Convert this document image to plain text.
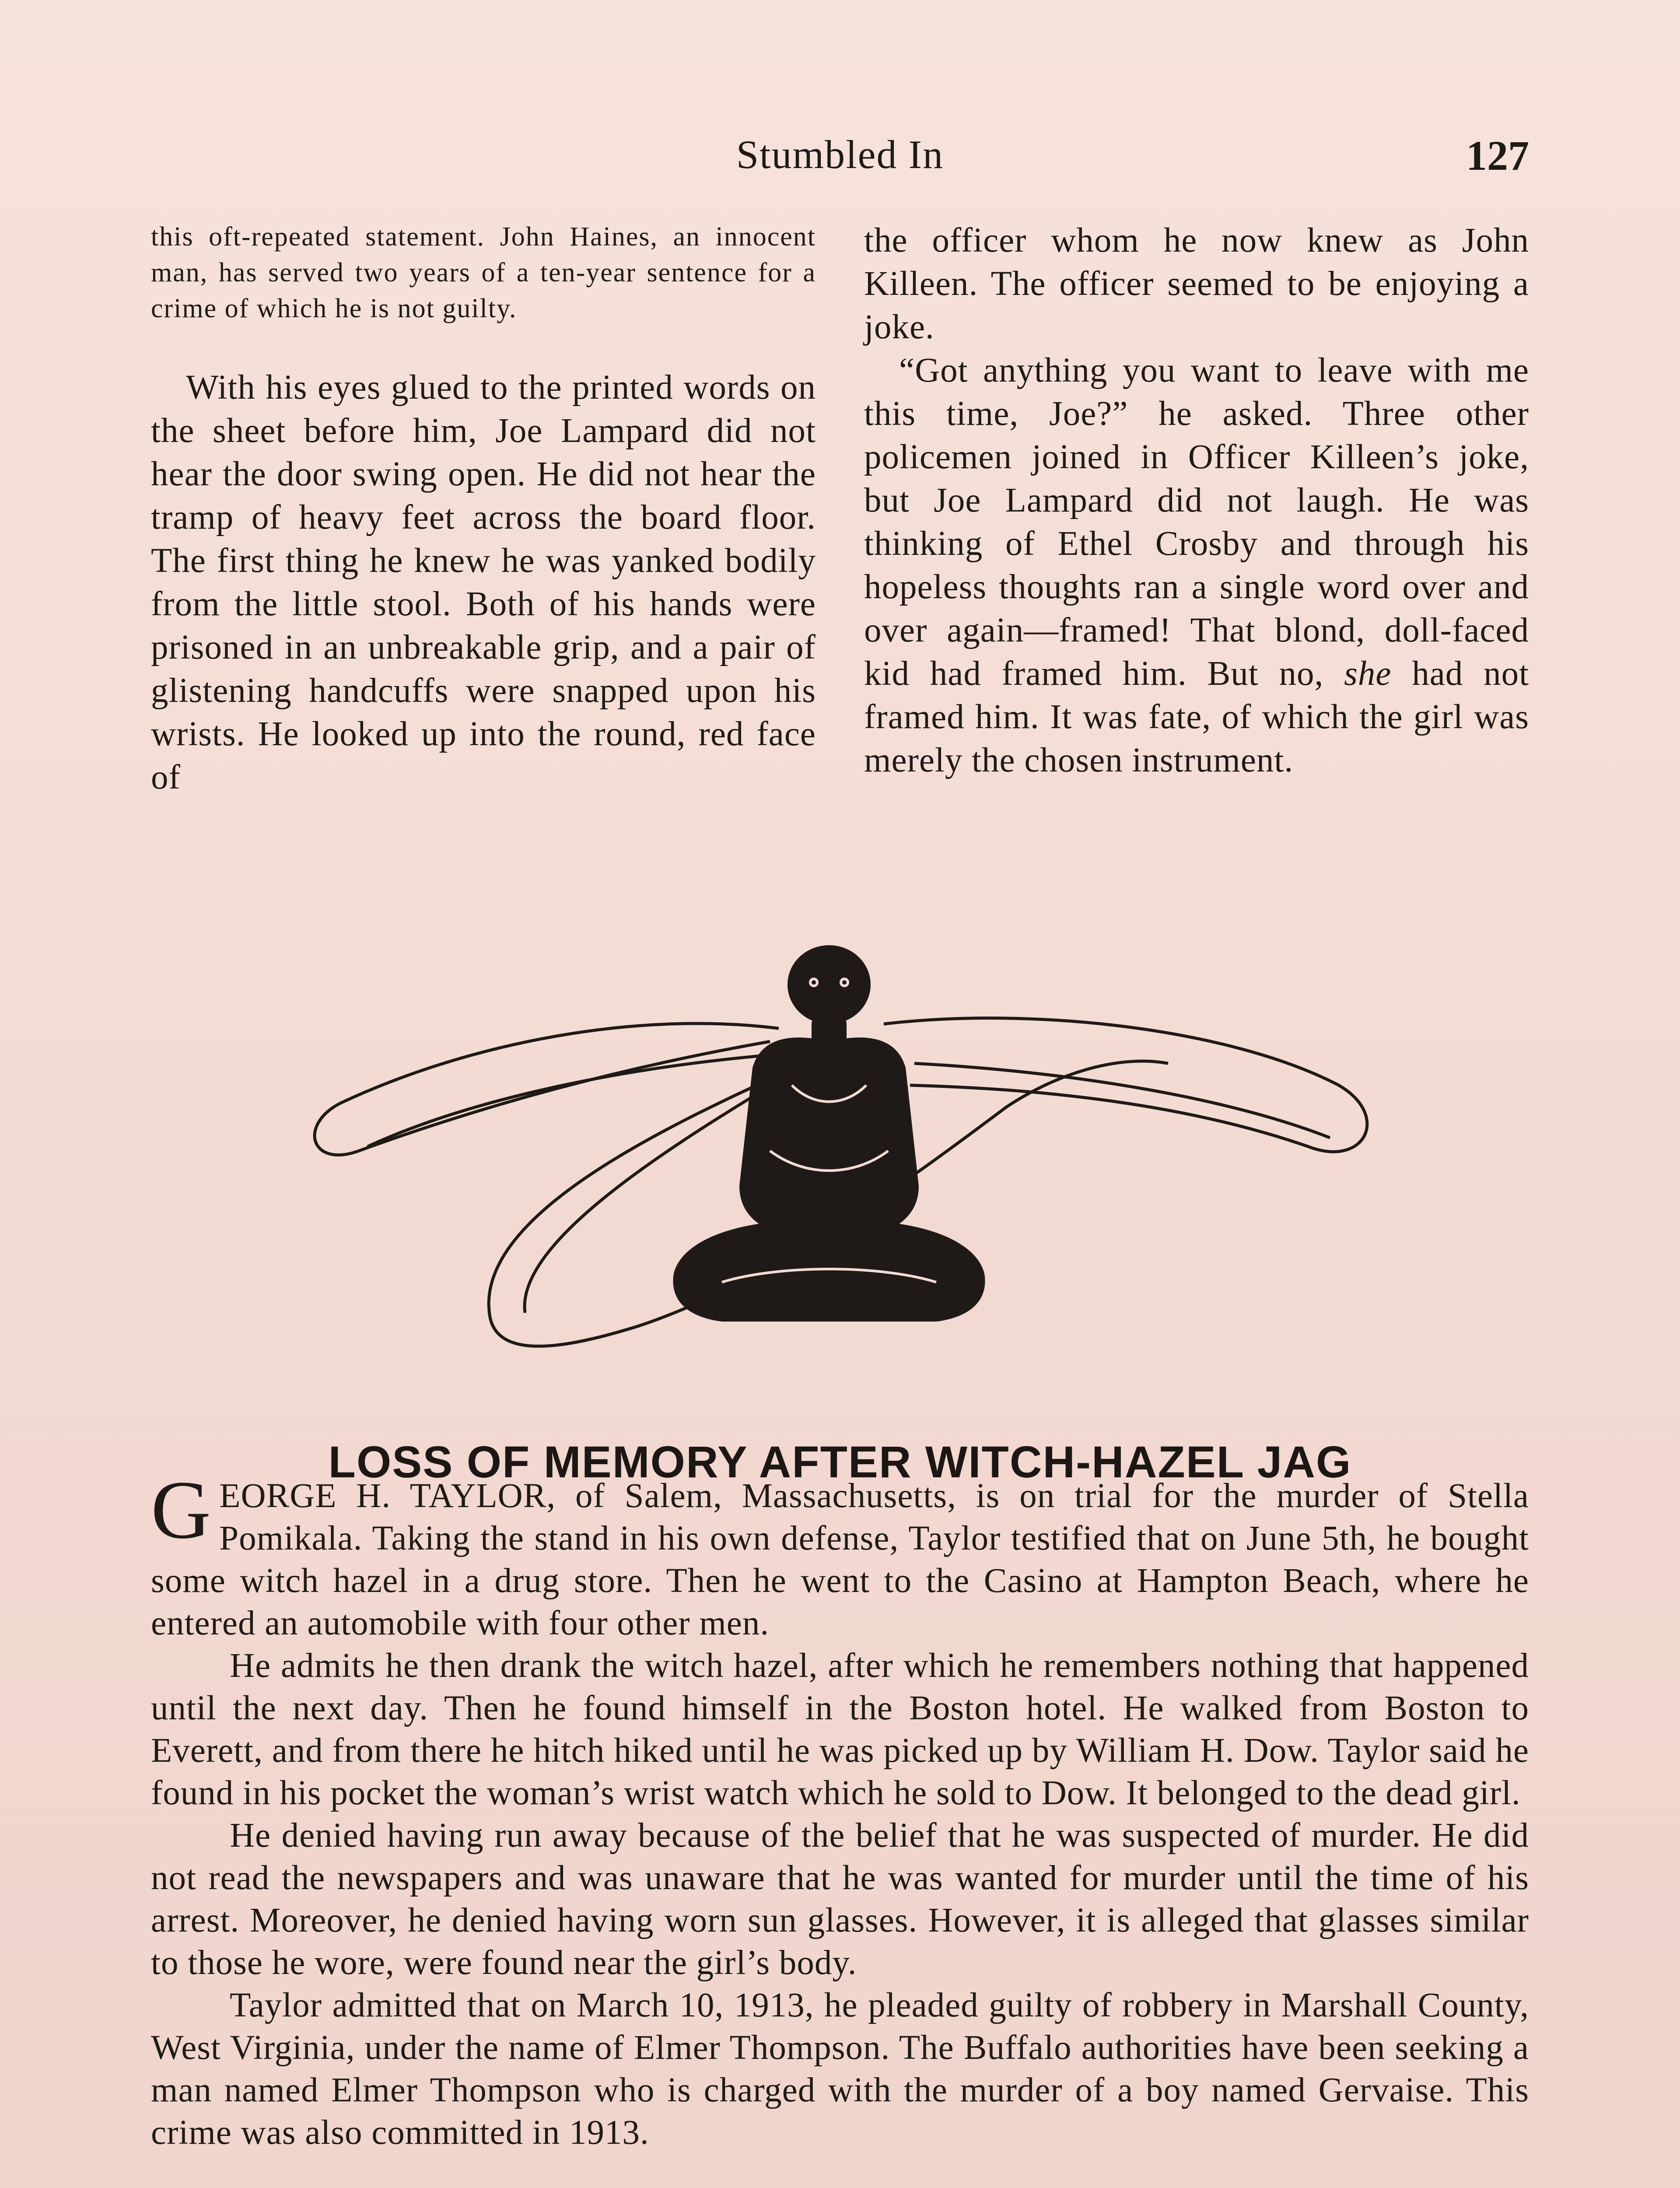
Stumbled In	127

this oft-repeated statement. John Haines, an innocent man, has served two years of a ten-year sentence for a crime of which he is not guilty.

With his eyes glued to the printed words on the sheet before him, Joe Lampard did not hear the door swing open. He did not hear the tramp of heavy feet across the board floor. The first thing he knew he was yanked bodily from the little stool. Both of his hands were prisoned in an unbreakable grip, and a pair of glistening handcuffs were snapped upon his wrists. He looked up into the round, red face of

the officer whom he now knew as John Killeen. The officer seemed to be enjoying a joke.

“Got anything you want to leave with me this time, Joe?” he asked. Three other policemen joined in Officer Killeen’s joke, but Joe Lampard did not laugh. He was thinking of Ethel Crosby and through his hopeless thoughts ran a single word over and over again—framed! That blond, doll-faced kid had framed him. But no, she had not framed him. It was fate, of which the girl was merely the chosen instrument.

LOSS OF MEMORY AFTER WITCH-HAZEL JAG

GEORGE H. TAYLOR, of Salem, Massachusetts, is on trial for the murder of Stella Pomikala. Taking the stand in his own defense, Taylor testified that on June 5th, he bought some witch hazel in a drug store. Then he went to the Casino at Hampton Beach, where he entered an automobile with four other men.

He admits he then drank the witch hazel, after which he remembers nothing that happened until the next day. Then he found himself in the Boston hotel. He walked from Boston to Everett, and from there he hitch hiked until he was picked up by William H. Dow. Taylor said he found in his pocket the woman’s wrist watch which he sold to Dow. It belonged to the dead girl.

He denied having run away because of the belief that he was suspected of murder. He did not read the newspapers and was unaware that he was wanted for murder until the time of his arrest. Moreover, he denied having worn sun glasses. However, it is alleged that glasses similar to those he wore, were found near the girl’s body.

Taylor admitted that on March 10, 1913, he pleaded guilty of robbery in Marshall County, West Virginia, under the name of Elmer Thompson. The Buffalo authorities have been seeking a man named Elmer Thompson who is charged with the murder of a boy named Gervaise. This crime was also committed in 1913.
